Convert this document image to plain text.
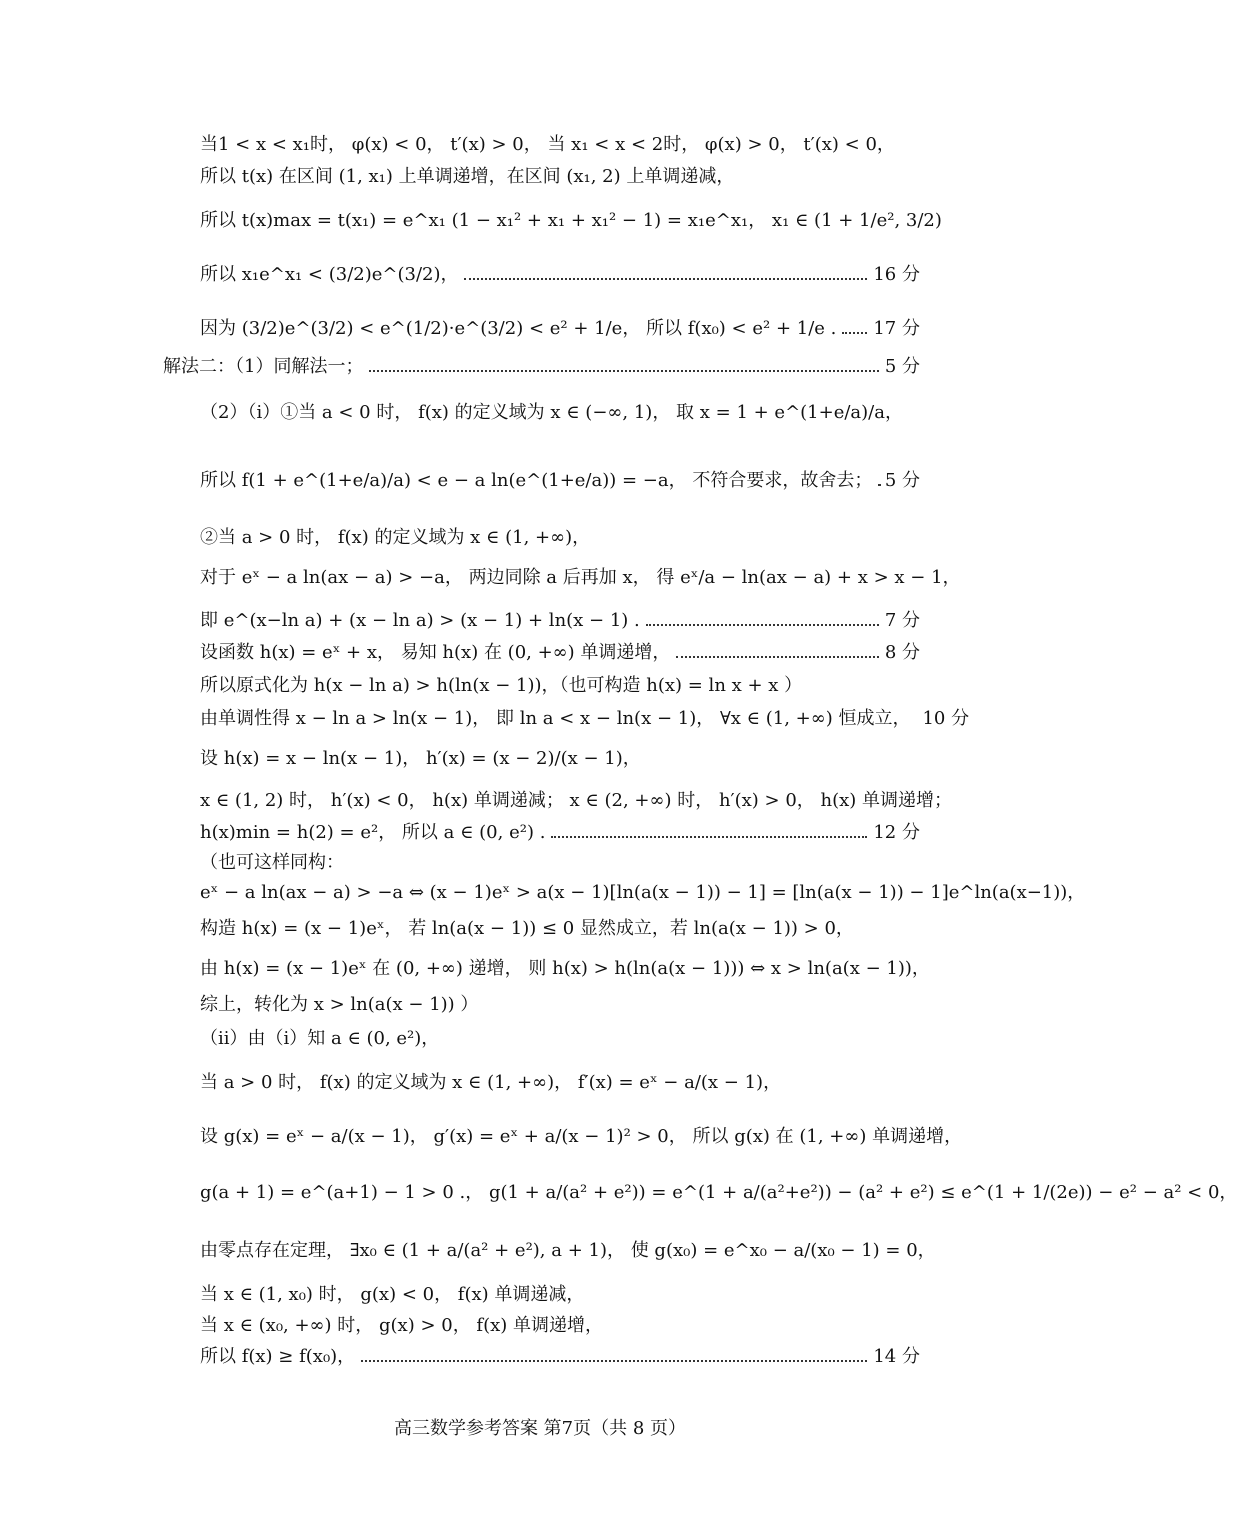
当1 < x < x₁时， φ(x) < 0， t′(x) > 0， 当 x₁ < x < 2时， φ(x) > 0， t′(x) < 0，
所以 t(x) 在区间 (1, x₁) 上单调递增，在区间 (x₁, 2) 上单调递减，
所以 t(x)max = t(x₁) = e^x₁ (1 − x₁² + x₁ + x₁² − 1) = x₁e^x₁， x₁ ∈ (1 + 1/e², 3/2)
所以 x₁e^x₁ < (3/2)e^(3/2)，	16 分
因为 (3/2)e^(3/2) < e^(1/2)·e^(3/2) < e² + 1/e， 所以 f(x₀) < e² + 1/e . 17 分
解法二：（1）同解法一；	5 分
（2）（i）①当 a < 0 时， f(x) 的定义域为 x ∈ (−∞, 1)， 取 x = 1 + e^(1+e/a)/a，
所以 f(1 + e^(1+e/a)/a) < e − a ln(e^(1+e/a)) = −a， 不符合要求，故舍去； 5 分
②当 a > 0 时， f(x) 的定义域为 x ∈ (1, +∞)，
对于 eˣ − a ln(ax − a) > −a， 两边同除 a 后再加 x， 得 eˣ/a − ln(ax − a) + x > x − 1，
即 e^(x−ln a) + (x − ln a) > (x − 1) + ln(x − 1) .	7 分
设函数 h(x) = eˣ + x， 易知 h(x) 在 (0, +∞) 单调递增，	8 分
所以原式化为 h(x − ln a) > h(ln(x − 1))，（也可构造 h(x) = ln x + x ）
由单调性得 x − ln a > ln(x − 1)， 即 ln a < x − ln(x − 1)， ∀x ∈ (1, +∞) 恒成立， 10 分
设 h(x) = x − ln(x − 1)， h′(x) = (x − 2)/(x − 1)，
x ∈ (1, 2) 时， h′(x) < 0， h(x) 单调递减； x ∈ (2, +∞) 时， h′(x) > 0， h(x) 单调递增；
h(x)min = h(2) = e²， 所以 a ∈ (0, e²) .	12 分
（也可这样同构：
eˣ − a ln(ax − a) > −a ⇔ (x − 1)eˣ > a(x − 1)[ln(a(x − 1)) − 1] = [ln(a(x − 1)) − 1]e^ln(a(x−1))，
构造 h(x) = (x − 1)eˣ， 若 ln(a(x − 1)) ≤ 0 显然成立，若 ln(a(x − 1)) > 0，
由 h(x) = (x − 1)eˣ 在 (0, +∞) 递增， 则 h(x) > h(ln(a(x − 1))) ⇔ x > ln(a(x − 1))，
综上，转化为 x > ln(a(x − 1)) ）
（ii）由（i）知 a ∈ (0, e²)，
当 a > 0 时， f(x) 的定义域为 x ∈ (1, +∞)， f′(x) = eˣ − a/(x − 1)，
设 g(x) = eˣ − a/(x − 1)， g′(x) = eˣ + a/(x − 1)² > 0， 所以 g(x) 在 (1, +∞) 单调递增，
g(a + 1) = e^(a+1) − 1 > 0 .， g(1 + a/(a² + e²)) = e^(1 + a/(a²+e²)) − (a² + e²) ≤ e^(1 + 1/(2e)) − e² − a² < 0，
由零点存在定理， ∃x₀ ∈ (1 + a/(a² + e²), a + 1)， 使 g(x₀) = e^x₀ − a/(x₀ − 1) = 0，
当 x ∈ (1, x₀) 时， g(x) < 0， f(x) 单调递减，
当 x ∈ (x₀, +∞) 时， g(x) > 0， f(x) 单调递增，
所以 f(x) ≥ f(x₀)，	14 分
高三数学参考答案 第7页（共 8 页）
